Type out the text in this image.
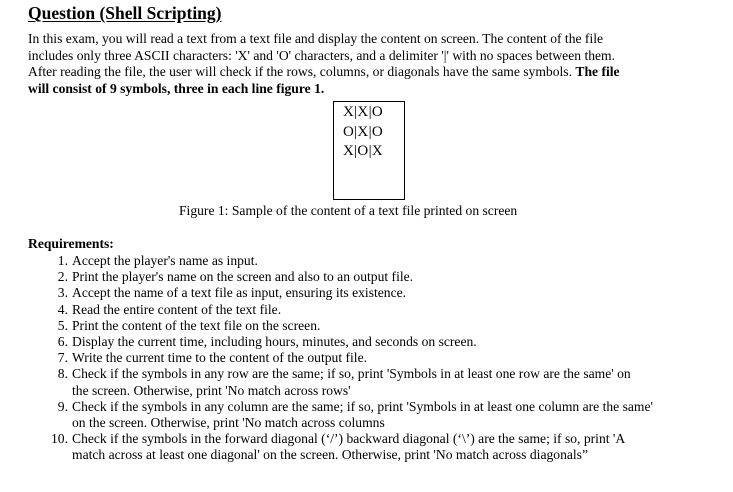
Question (Shell Scripting)
In this exam, you will read a text from a text file and display the content on screen. The content of the file
includes only three ASCII characters: 'X' and 'O' characters, and a delimiter '|' with no spaces between them.
After reading the file, the user will check if the rows, columns, or diagonals have the same symbols. The file
will consist of 9 symbols, three in each line figure 1.
X|X|O
O|X|O
X|O|X
Figure 1: Sample of the content of a text file printed on screen
Requirements:
1. Accept the player's name as input.
2. Print the player's name on the screen and also to an output file.
3. Accept the name of a text file as input, ensuring its existence.
4. Read the entire content of the text file.
5. Print the content of the text file on the screen.
6. Display the current time, including hours, minutes, and seconds on screen.
7. Write the current time to the content of the output file.
8. Check if the symbols in any row are the same; if so, print 'Symbols in at least one row are the same' on
the screen. Otherwise, print 'No match across rows'
9. Check if the symbols in any column are the same; if so, print 'Symbols in at least one column are the same'
on the screen. Otherwise, print 'No match across columns
10. Check if the symbols in the forward diagonal (‘/’) backward diagonal (‘\’) are the same; if so, print 'A
match across at least one diagonal' on the screen. Otherwise, print 'No match across diagonals”
